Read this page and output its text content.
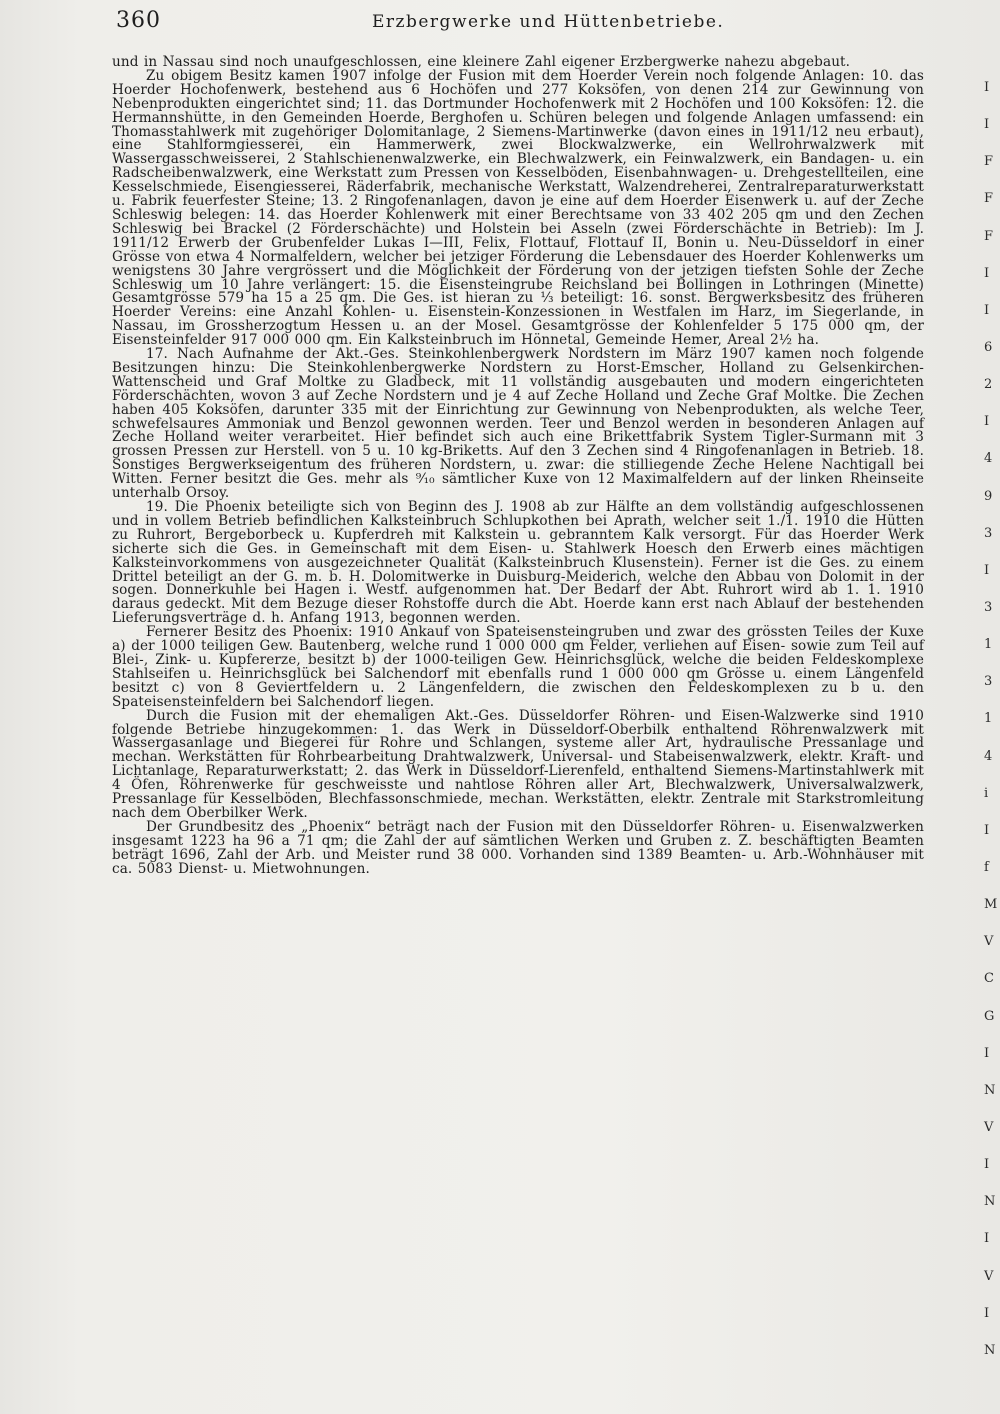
360	Erzbergwerke und Hüttenbetriebe.

und in Nassau sind noch unaufgeschlossen, eine kleinere Zahl eigener Erzbergwerke nahezu abgebaut.

Zu obigem Besitz kamen 1907 infolge der Fusion mit dem Hoerder Verein noch folgende Anlagen: 10. das Hoerder Hochofenwerk, bestehend aus 6 Hochöfen und 277 Koksöfen, von denen 214 zur Gewinnung von Nebenprodukten eingerichtet sind; 11. das Dortmunder Hochofenwerk mit 2 Hochöfen und 100 Koksöfen: 12. die Hermannshütte, in den Gemeinden Hoerde, Berghofen u. Schüren belegen und folgende Anlagen umfassend: ein Thomasstahlwerk mit zugehöriger Dolomitanlage, 2 Siemens-Martinwerke (davon eines in 1911/12 neu erbaut), eine Stahlformgiesserei, ein Hammerwerk, zwei Blockwalzwerke, ein Wellrohrwalzwerk mit Wassergasschweisserei, 2 Stahlschienenwalzwerke, ein Blechwalzwerk, ein Feinwalzwerk, ein Bandagen- u. ein Radscheibenwalzwerk, eine Werkstatt zum Pressen von Kesselböden, Eisenbahnwagen- u. Drehgestellteilen, eine Kesselschmiede, Eisengiesserei, Räderfabrik, mechanische Werkstatt, Walzendreherei, Zentralreparaturwerkstatt u. Fabrik feuerfester Steine; 13. 2 Ringofenanlagen, davon je eine auf dem Hoerder Eisenwerk u. auf der Zeche Schleswig belegen: 14. das Hoerder Kohlenwerk mit einer Berechtsame von 33 402 205 qm und den Zechen Schleswig bei Brackel (2 Förderschächte) und Holstein bei Asseln (zwei Förderschächte in Betrieb): Im J. 1911/12 Erwerb der Grubenfelder Lukas I—III, Felix, Flottauf, Flottauf II, Bonin u. Neu-Düsseldorf in einer Grösse von etwa 4 Normalfeldern, welcher bei jetziger Förderung die Lebensdauer des Hoerder Kohlenwerks um wenigstens 30 Jahre vergrössert und die Möglichkeit der Förderung von der jetzigen tiefsten Sohle der Zeche Schleswig um 10 Jahre verlängert: 15. die Eisensteingrube Reichsland bei Bollingen in Lothringen (Minette) Gesamtgrösse 579 ha 15 a 25 qm. Die Ges. ist hieran zu ⅓ beteiligt: 16. sonst. Bergwerksbesitz des früheren Hoerder Vereins: eine Anzahl Kohlen- u. Eisenstein-Konzessionen in Westfalen im Harz, im Siegerlande, in Nassau, im Grossherzogtum Hessen u. an der Mosel. Gesamtgrösse der Kohlenfelder 5 175 000 qm, der Eisensteinfelder 917 000 000 qm. Ein Kalksteinbruch im Hönnetal, Gemeinde Hemer, Areal 2½ ha.

17. Nach Aufnahme der Akt.-Ges. Steinkohlenbergwerk Nordstern im März 1907 kamen noch folgende Besitzungen hinzu: Die Steinkohlenbergwerke Nordstern zu Horst-Emscher, Holland zu Gelsenkirchen-Wattenscheid und Graf Moltke zu Gladbeck, mit 11 vollständig ausgebauten und modern eingerichteten Förderschächten, wovon 3 auf Zeche Nordstern und je 4 auf Zeche Holland und Zeche Graf Moltke. Die Zechen haben 405 Koksöfen, darunter 335 mit der Einrichtung zur Gewinnung von Nebenprodukten, als welche Teer, schwefelsaures Ammoniak und Benzol gewonnen werden. Teer und Benzol werden in besonderen Anlagen auf Zeche Holland weiter verarbeitet. Hier befindet sich auch eine Brikettfabrik System Tigler-Surmann mit 3 grossen Pressen zur Herstell. von 5 u. 10 kg-Briketts. Auf den 3 Zechen sind 4 Ringofenanlagen in Betrieb. 18. Sonstiges Bergwerkseigentum des früheren Nordstern, u. zwar: die stilliegende Zeche Helene Nachtigall bei Witten. Ferner besitzt die Ges. mehr als ⁹⁄₁₀ sämtlicher Kuxe von 12 Maximalfeldern auf der linken Rheinseite unterhalb Orsoy.

19. Die Phoenix beteiligte sich von Beginn des J. 1908 ab zur Hälfte an dem vollständig aufgeschlossenen und in vollem Betrieb befindlichen Kalksteinbruch Schlupkothen bei Aprath, welcher seit 1./1. 1910 die Hütten zu Ruhrort, Bergeborbeck u. Kupferdreh mit Kalkstein u. gebranntem Kalk versorgt. Für das Hoerder Werk sicherte sich die Ges. in Gemeinschaft mit dem Eisen- u. Stahlwerk Hoesch den Erwerb eines mächtigen Kalksteinvorkommens von ausgezeichneter Qualität (Kalksteinbruch Klusenstein). Ferner ist die Ges. zu einem Drittel beteiligt an der G. m. b. H. Dolomitwerke in Duisburg-Meiderich, welche den Abbau von Dolomit in der sogen. Donnerkuhle bei Hagen i. Westf. aufgenommen hat. Der Bedarf der Abt. Ruhrort wird ab 1. 1. 1910 daraus gedeckt. Mit dem Bezuge dieser Rohstoffe durch die Abt. Hoerde kann erst nach Ablauf der bestehenden Lieferungsverträge d. h. Anfang 1913, begonnen werden.

Fernerer Besitz des Phoenix: 1910 Ankauf von Spateisensteingruben und zwar des grössten Teiles der Kuxe a) der 1000 teiligen Gew. Bautenberg, welche rund 1 000 000 qm Felder, verliehen auf Eisen- sowie zum Teil auf Blei-, Zink- u. Kupfererze, besitzt b) der 1000-teiligen Gew. Heinrichsglück, welche die beiden Feldeskomplexe Stahlseifen u. Heinrichsglück bei Salchendorf mit ebenfalls rund 1 000 000 qm Grösse u. einem Längenfeld besitzt c) von 8 Geviertfeldern u. 2 Längenfeldern, die zwischen den Feldeskomplexen zu b u. den Spateisensteinfeldern bei Salchendorf liegen.

Durch die Fusion mit der ehemaligen Akt.-Ges. Düsseldorfer Röhren- und Eisen-Walzwerke sind 1910 folgende Betriebe hinzugekommen: 1. das Werk in Düsseldorf-Oberbilk enthaltend Röhrenwalzwerk mit Wassergasanlage und Biegerei für Rohre und Schlangen, systeme aller Art, hydraulische Pressanlage und mechan. Werkstätten für Rohrbearbeitung Drahtwalzwerk, Universal- und Stabeisenwalzwerk, elektr. Kraft- und Lichtanlage, Reparaturwerkstatt; 2. das Werk in Düsseldorf-Lierenfeld, enthaltend Siemens-Martinstahlwerk mit 4 Öfen, Röhrenwerke für geschweisste und nahtlose Röhren aller Art, Blechwalzwerk, Universalwalzwerk, Pressanlage für Kesselböden, Blechfassonschmiede, mechan. Werkstätten, elektr. Zentrale mit Starkstromleitung nach dem Oberbilker Werk.

Der Grundbesitz des „Phoenix“ beträgt nach der Fusion mit den Düsseldorfer Röhren- u. Eisenwalzwerken insgesamt 1223 ha 96 a 71 qm; die Zahl der auf sämtlichen Werken und Gruben z. Z. beschäftigten Beamten beträgt 1696, Zahl der Arb. und Meister rund 38 000. Vorhanden sind 1389 Beamten- u. Arb.-Wohnhäuser mit ca. 5083 Dienst- u. Mietwohnungen.

I
I
F
F
F
I
I
6
2
I
4
9
3
I
3
1
3
1
4
i
I
f
M
V
C
G
I
N
V
I
N
I
V
I
N
